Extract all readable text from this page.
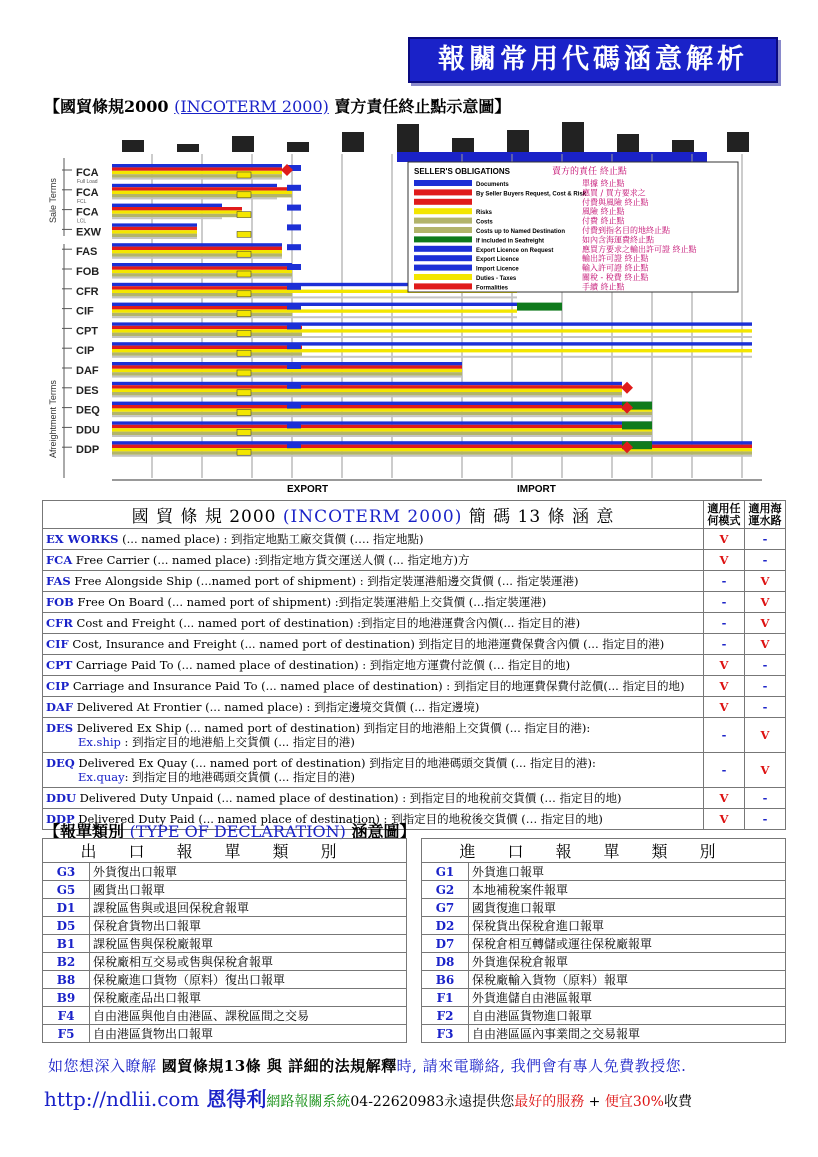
報關常用代碼涵意解析
【國貿條規2000 (INCOTERM 2000) 賣方責任終止點示意圖】
FCA
Full Load
FCA
FCL
FCA
LCL
EXW
FAS
FOB
CFR
CIF
CPT
CIP
DAF
DES
DEQ
DDU
DDP
Sale Terms
Afreightment Terms
SELLER'S OBLIGATIONS	賣方的責任 終止點
Documents	單據 終止點
By Seller Buyers Request, Cost & Risk
應買 / 買方要求之
付費與風險 終止點
Risks	風險 終止點
Costs	付費 終止點
Costs up to Named Destination 付費到指名目的地終止點
If included in Seafreight	如內含海運費終止點
Export Licence on Request	應買方要求之輸出許可證 終止點
Export Licence	輸出許可證 終止點
Import Licence	輸入許可證 終止點
Duties - Taxes	關稅 - 稅費 終止點
Formalities	手續 終止點
EXPORT	IMPORT
國 貿 條 規 2000 (INCOTERM 2000) 簡 碼 13 條 涵 意	適用任何模式	適用海運水路
EX WORKS (... named place) : 到指定地點工廠交貨價 (…. 指定地點)	V	-
FCA Free Carrier (... named place) :到指定地方貨交運送人價 (... 指定地方)方	V	-
FAS Free Alongside Ship (...named port of shipment) : 到指定裝運港船邊交貨價 (... 指定裝運港)	-	V
FOB Free On Board (... named port of shipment) :到指定裝運港船上交貨價 (...指定裝運港)	-	V
CFR Cost and Freight (... named port of destination) :到指定目的地港運費含內價(... 指定目的港)	-	V
CIF Cost, Insurance and Freight (... named port of destination) 到指定目的地港運費保費含內價 (... 指定目的港)	-	V
CPT Carriage Paid To (... named place of destination) : 到指定地方運費付訖價 (… 指定目的地)	V	-
CIP Carriage and Insurance Paid To (... named place of destination) : 到指定目的地運費保費付訖價(... 指定目的地)	V	-
DAF Delivered At Frontier (... named place) : 到指定邊境交貨價 (... 指定邊境)	V	-
DES Delivered Ex Ship (... named port of destination) 到指定目的地港船上交貨價 (... 指定目的港):
Ex.ship : 到指定目的地港船上交貨價 (... 指定目的港)	-	V
DEQ Delivered Ex Quay (... named port of destination) 到指定目的地港碼頭交貨價 (... 指定目的港):
Ex.quay: 到指定目的地港碼頭交貨價 (... 指定目的港)	-	V
DDU Delivered Duty Unpaid (... named place of destination) : 到指定目的地稅前交貨價 (… 指定目的地)	V	-
DDP Delivered Duty Paid (... named place of destination) : 到指定目的地稅後交貨價 (… 指定目的地)	V	-
【報單類別 (TYPE OF DECLARATION) 涵意圖】
出口報單類別			進口報單類別	
G3	外貨復出口報單		G1	外貨進口報單
G5	國貨出口報單		G2	本地補稅案件報單
D1	課稅區售與或退回保稅倉報單		G7	國貨復進口報單
D5	保稅倉貨物出口報單		D2	保稅貨出保稅倉進口報單
B1	課稅區售與保稅廠報單		D7	保稅倉相互轉儲或運往保稅廠報單
B2	保稅廠相互交易或售與保稅倉報單		D8	外貨進保稅倉報單
B8	保稅廠進口貨物（原料）復出口報單		B6	保稅廠輸入貨物（原料）報單
B9	保稅廠產品出口報單		F1	外貨進儲自由港區報單
F4	自由港區與他自由港區、課稅區間之交易		F2	自由港區貨物進口報單
F5	自由港區貨物出口報單		F3	自由港區區內事業間之交易報單
如您想深入瞭解 國貿條規13條 與 詳細的法規解釋時, 請來電聯絡, 我們會有專人免費教授您.
http://ndlii.com 恩得利網路報關系統04-22620983永遠提供您最好的服務 + 便宜30%收費
